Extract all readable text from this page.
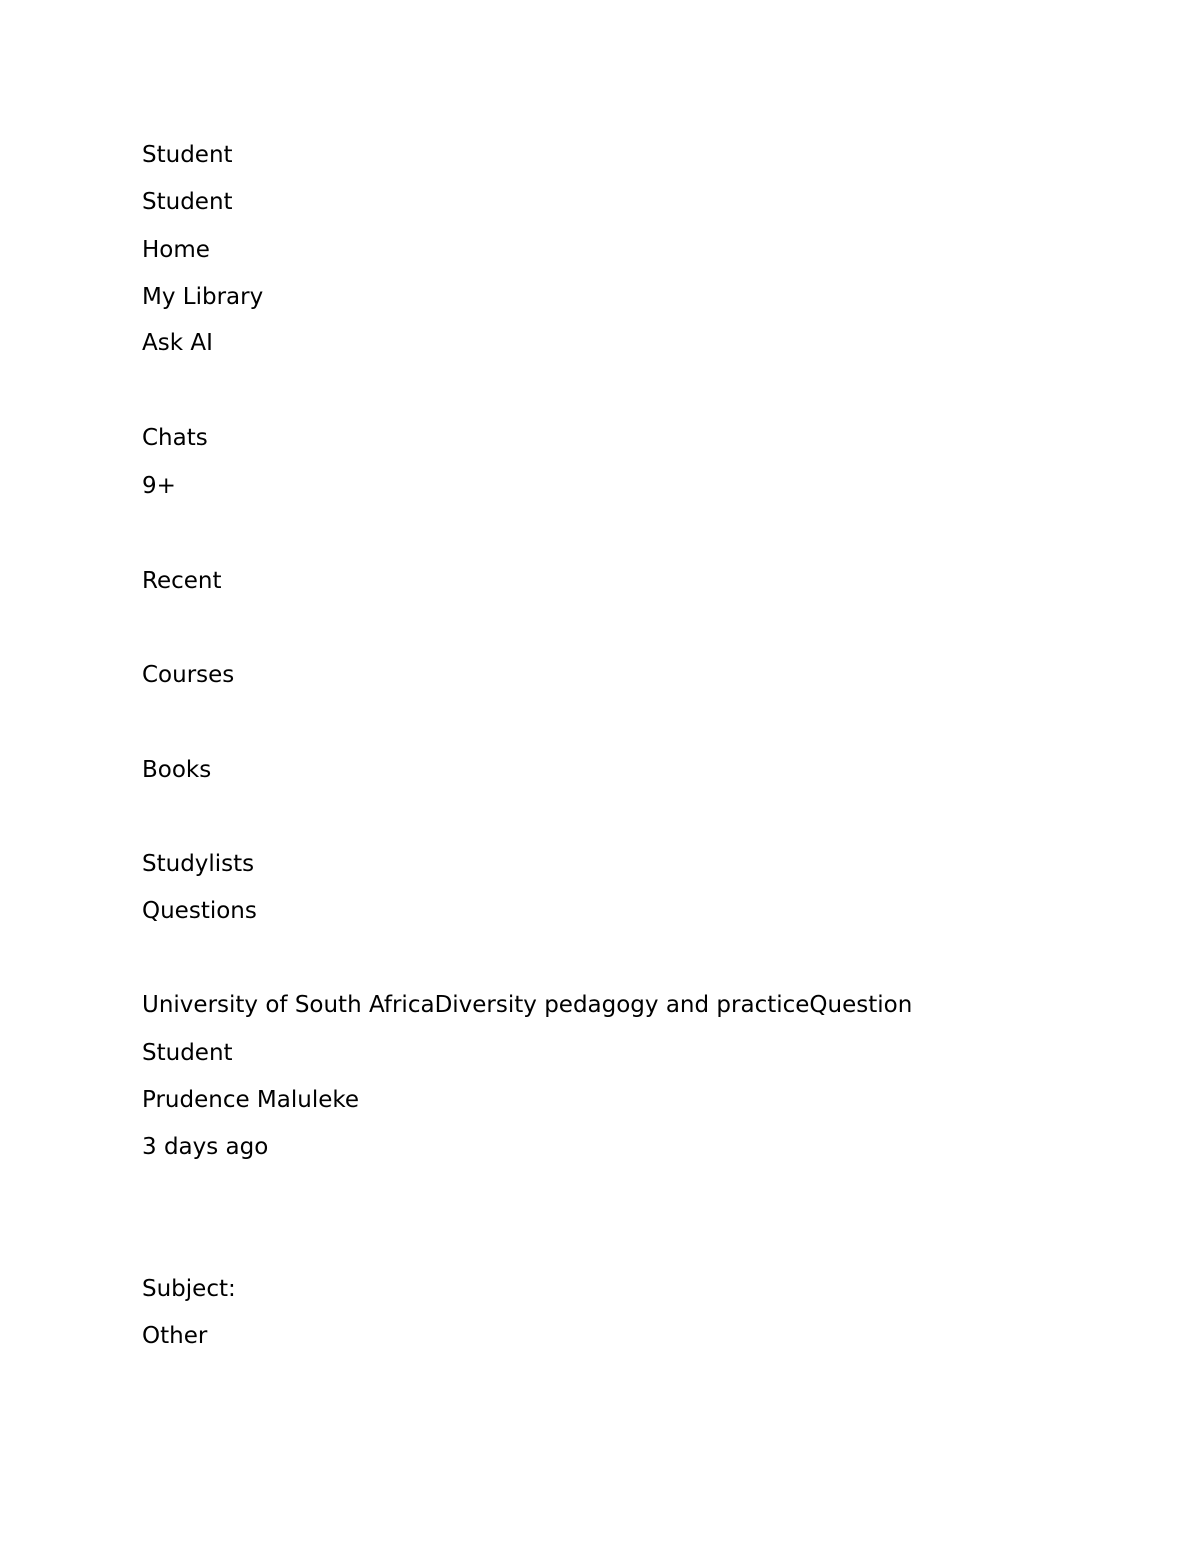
Student
Student
Home
My Library
Ask AI
Chats
9+
Recent
Courses
Books
Studylists
Questions
University of South AfricaDiversity pedagogy and practiceQuestion
Student
Prudence Maluleke
3 days ago
Subject:
Other
